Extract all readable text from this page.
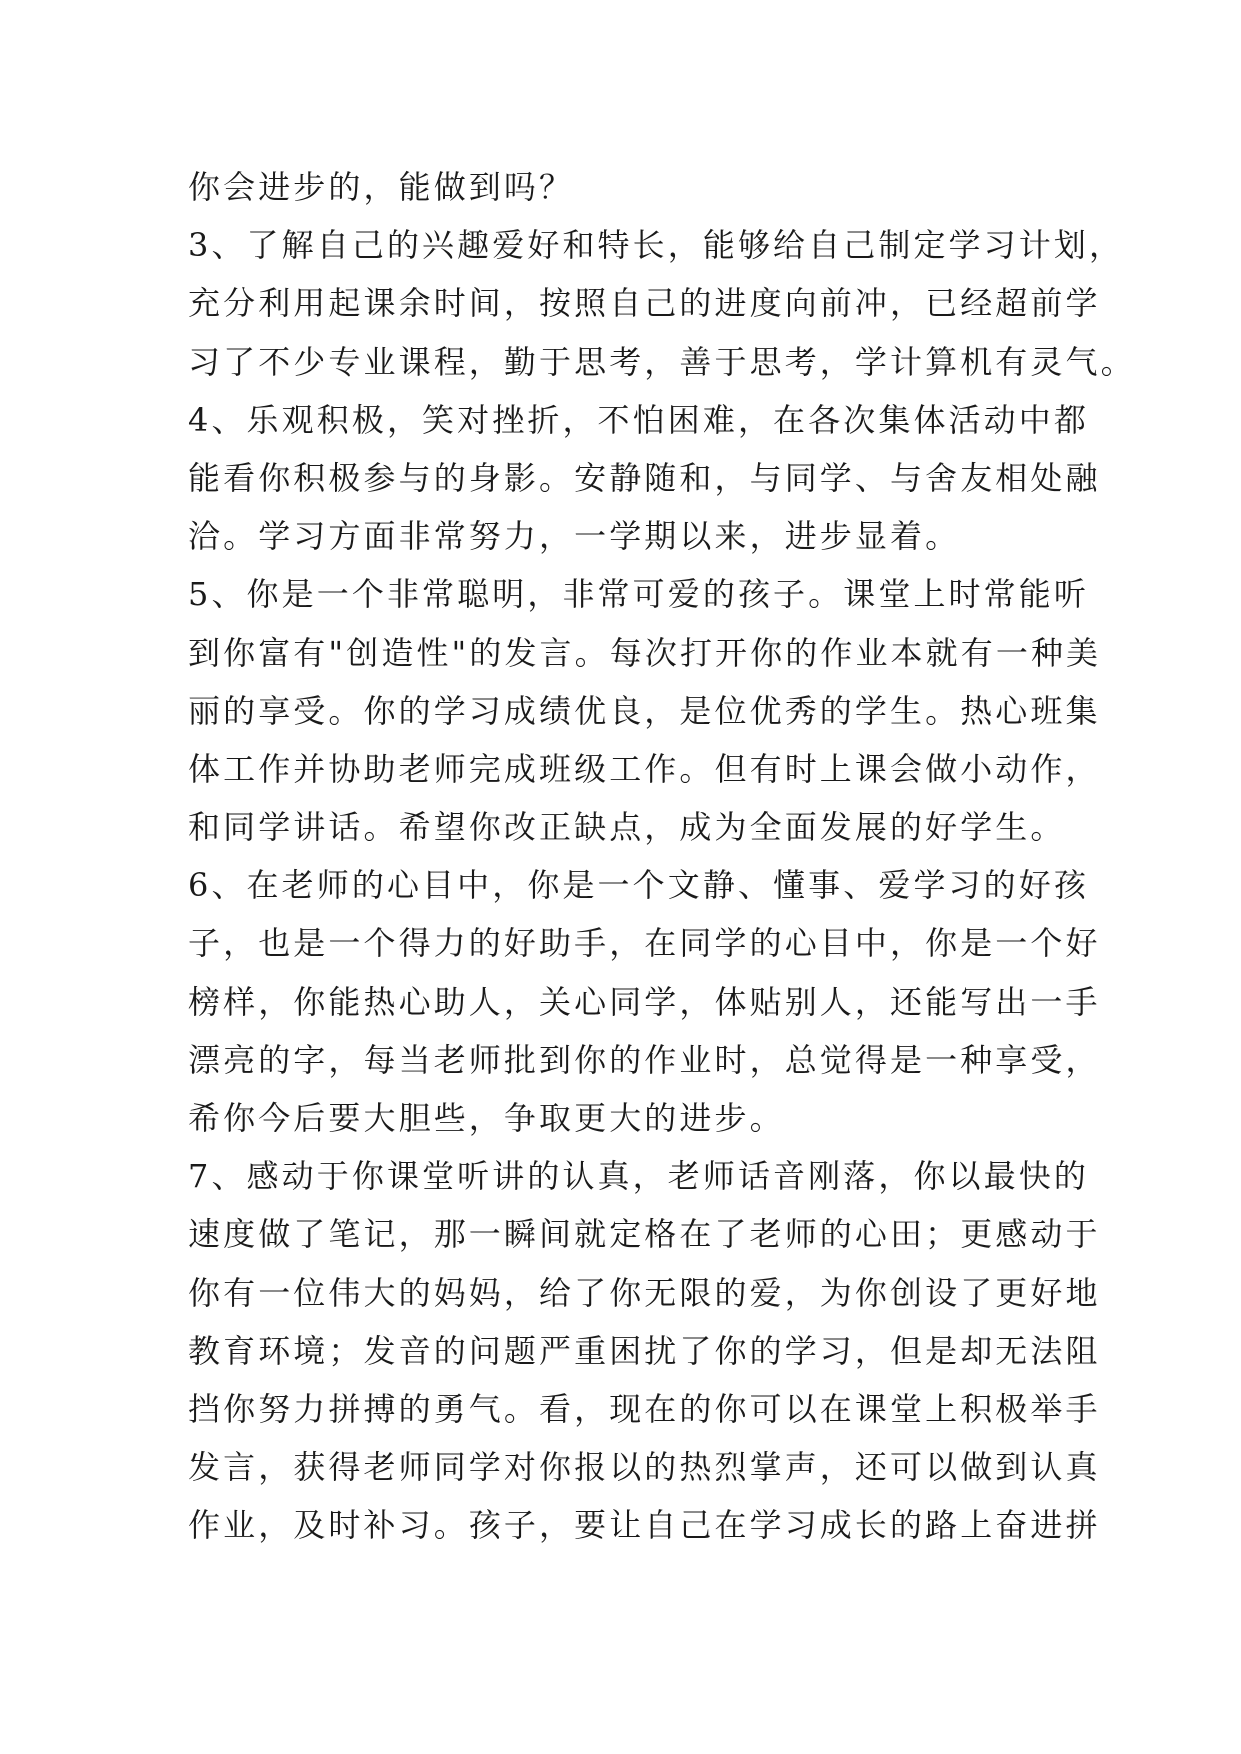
你会进步的，能做到吗？
3、了解自己的兴趣爱好和特长，能够给自己制定学习计划，
充分利用起课余时间，按照自己的进度向前冲，已经超前学
习了不少专业课程，勤于思考，善于思考，学计算机有灵气。
4、乐观积极，笑对挫折，不怕困难，在各次集体活动中都
能看你积极参与的身影。安静随和，与同学、与舍友相处融
洽。学习方面非常努力，一学期以来，进步显着。
5、你是一个非常聪明，非常可爱的孩子。课堂上时常能听
到你富有"创造性"的发言。每次打开你的作业本就有一种美
丽的享受。你的学习成绩优良，是位优秀的学生。热心班集
体工作并协助老师完成班级工作。但有时上课会做小动作，
和同学讲话。希望你改正缺点，成为全面发展的好学生。
6、在老师的心目中，你是一个文静、懂事、爱学习的好孩
子，也是一个得力的好助手，在同学的心目中，你是一个好
榜样，你能热心助人，关心同学，体贴别人，还能写出一手
漂亮的字，每当老师批到你的作业时，总觉得是一种享受，
希你今后要大胆些，争取更大的进步。
7、感动于你课堂听讲的认真，老师话音刚落，你以最快的
速度做了笔记，那一瞬间就定格在了老师的心田；更感动于
你有一位伟大的妈妈，给了你无限的爱，为你创设了更好地
教育环境；发音的问题严重困扰了你的学习，但是却无法阻
挡你努力拼搏的勇气。看，现在的你可以在课堂上积极举手
发言，获得老师同学对你报以的热烈掌声，还可以做到认真
作业，及时补习。孩子，要让自己在学习成长的路上奋进拼
